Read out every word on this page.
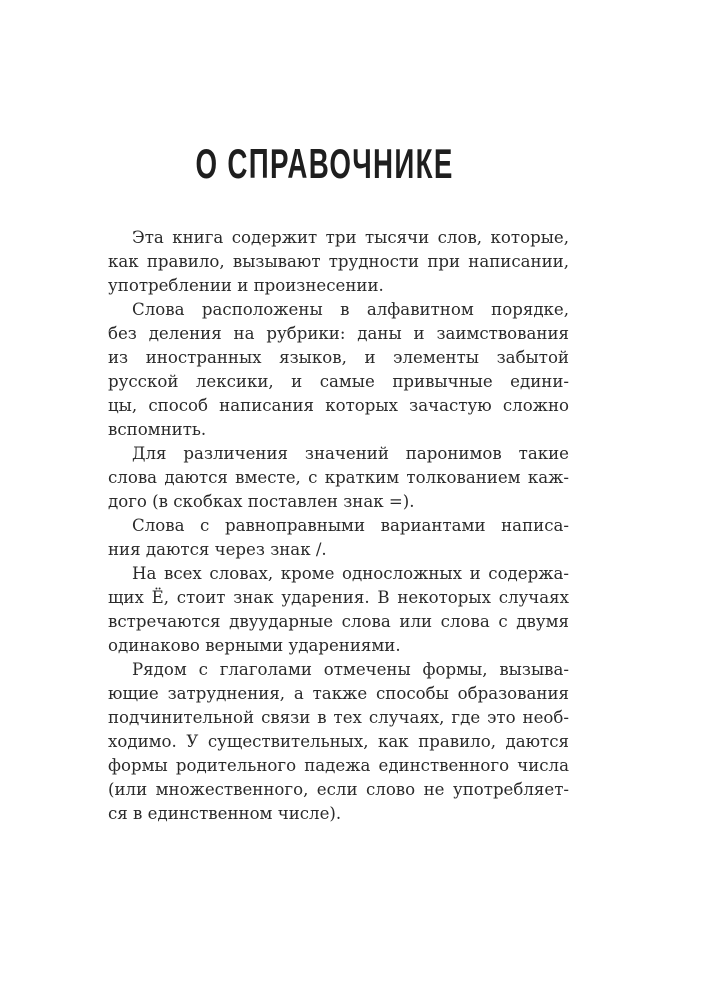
О СПРАВОЧНИКЕ
Эта книга содержит три тысячи слов, которые,
как правило, вызывают трудности при написании,
употреблении и произнесении.
Слова расположены в алфавитном порядке,
без деления на рубрики: даны и заимствования
из иностранных языков, и элементы забытой
русской лексики, и самые привычные едини-
цы, способ написания которых зачастую сложно
вспомнить.
Для различения значений паронимов такие
слова даются вместе, с кратким толкованием каж-
дого (в скобках поставлен знак =).
Слова с равноправными вариантами написа-
ния даются через знак /.
На всех словах, кроме односложных и содержа-
щих Ё, стоит знак ударения. В некоторых случаях
встречаются двуударные слова или слова с двумя
одинаково верными ударениями.
Рядом с глаголами отмечены формы, вызыва-
ющие затруднения, а также способы образования
подчинительной связи в тех случаях, где это необ-
ходимо. У существительных, как правило, даются
формы родительного падежа единственного числа
(или множественного, если слово не употребляет-
ся в единственном числе).
